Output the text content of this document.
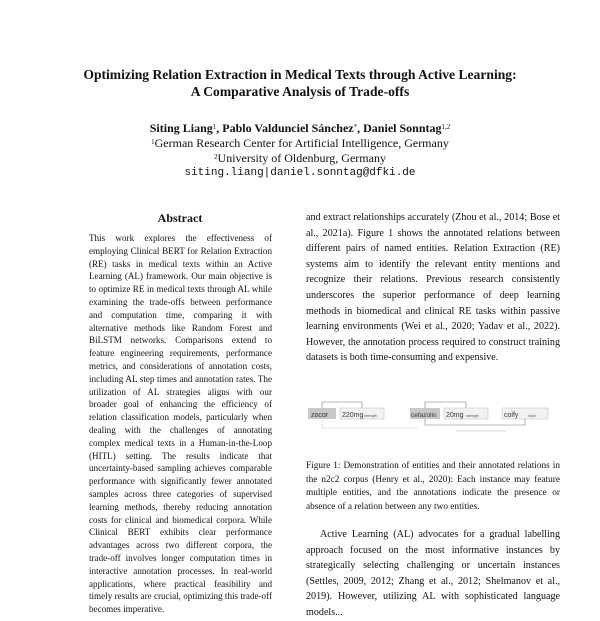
Optimizing Relation Extraction in Medical Texts through Active Learning:
A Comparative Analysis of Trade-offs
Siting Liang$^1$, Pablo Valdunciel Sánchez*, Daniel Sonntag$^{1,2}$
$^1$German Research Center for Artificial Intelligence, Germany
$^2$University of Oldenburg, Germany
siting.liang|daniel.sonntag@dfki.de
Abstract

This work explores the effectiveness of employing Clinical BERT for Relation Extraction (RE) tasks in medical texts within an Active Learning (AL) framework. Our main objective is to optimize RE in medical texts through AL while examining the trade-offs between performance and computation time, comparing it with alternative methods like Random Forest and BiLSTM networks. Comparisons extend to feature engineering requirements, performance metrics, and considerations of annotation costs, including AL step times and annotation rates. The utilization of AL strategies aligns with our broader goal of enhancing the efficiency of relation classification models, particularly when dealing with the challenges of annotating complex medical texts in a Human-in-the-Loop (HITL) setting. The results indicate that uncertainty-based sampling achieves comparable performance with significantly fewer annotated samples across three categories of supervised learning methods, thereby reducing annotation costs for clinical and biomedical corpora. While Clinical BERT exhibits clear performance advantages across two different corpora, the trade-off involves longer computation times in interactive annotation processes. In real-world applications, where practical feasibility and timely results are crucial, optimizing this trade-off becomes imperative.

and extract relationships accurately (Zhou et al., 2014; Bose et al., 2021a). Figure 1 shows the annotated relations between different pairs of named entities. Relation Extraction (RE) systems aim to identify the relevant entity mentions and recognize their relations. Previous research consistently underscores the superior performance of deep learning methods in biomedical and clinical RE tasks within passive learning environments (Wei et al., 2020; Yadav et al., 2022). However, the annotation process required to construct training datasets is both time-consuming and expensive.

zocor 220mg strength	cefazolin 20mg strength	colfy	route
Figure 1: Demonstration of entities and their annotated relations in the n2c2 corpus (Henry et al., 2020): Each instance may feature multiple entities, and the annotations indicate the presence or absence of a relation between any two entities.

Active Learning (AL) advocates for a gradual labelling approach focused on the most informative instances by strategically selecting challenging or uncertain instances (Settles, 2009, 2012; Zhang et al., 2012; Shelmanov et al., 2019). However, utilizing AL with sophisticated language models...
